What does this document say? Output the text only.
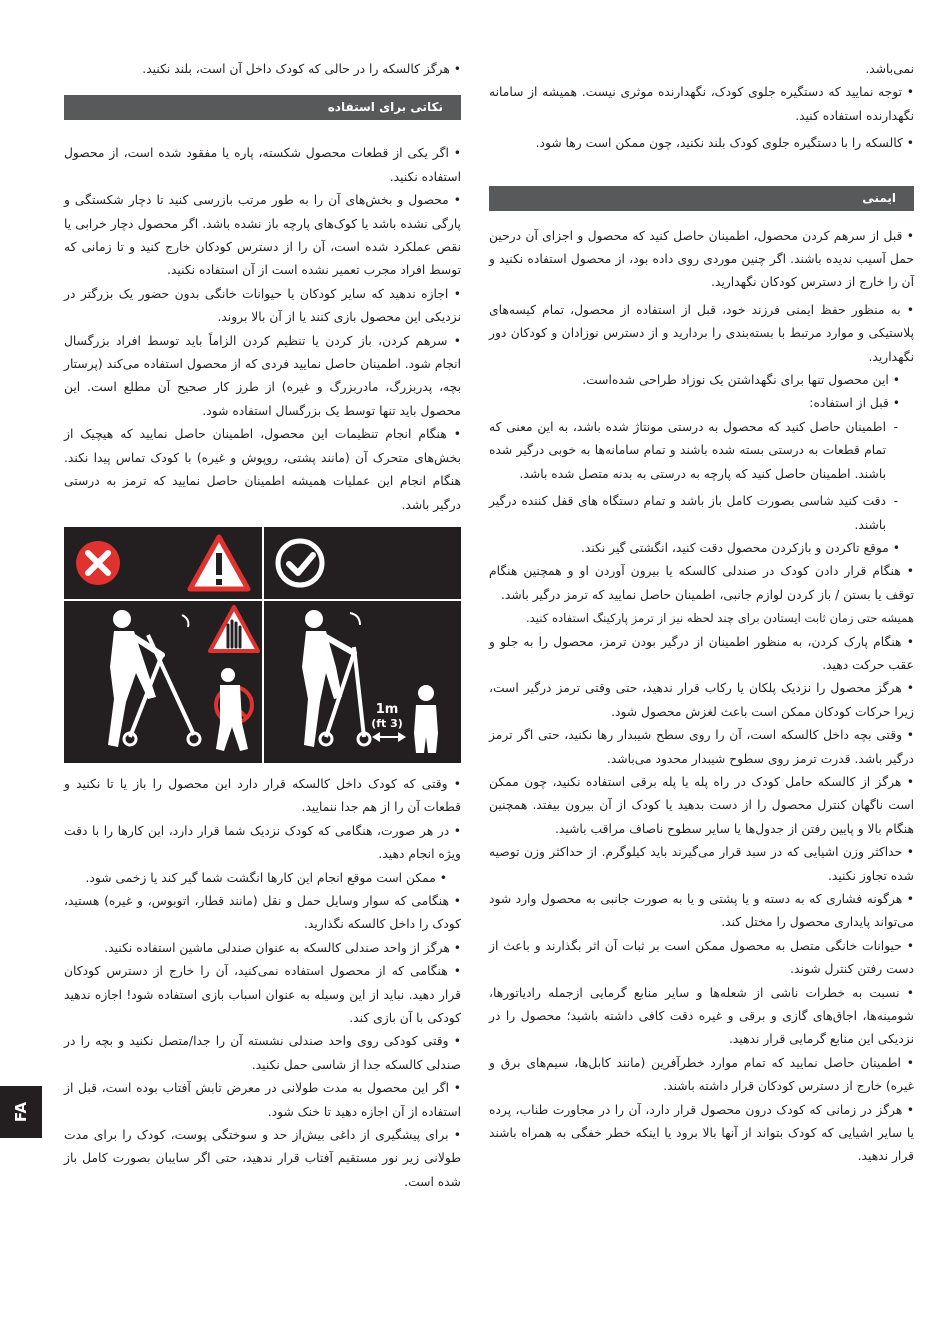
نمی‌باشد.

• توجه نمایید که دستگیره جلوی کودک، نگهدارنده موثری نیست. همیشه از سامانه نگهدارنده استفاده کنید.

• کالسکه را با دستگیره جلوی کودک بلند نکنید، چون ممکن است رها شود.

ایمنی

• قبل از سرهم کردن محصول، اطمینان حاصل کنید که محصول و اجزای آن درحین حمل آسیب ندیده باشند. اگر چنین موردی روی داده بود، از محصول استفاده نکنید و آن را خارج از دسترس کودکان نگهدارید.

• به منظور حفظ ایمنی فرزند خود، قبل از استفاده از محصول، تمام کیسه‌های پلاستیکی و موارد مرتبط با بسته‌بندی را بردارید و از دسترس نوزادان و کودکان دور نگهدارید.

• این محصول تنها برای نگهداشتن یک نوزاد طراحی شده‌است.

• قبل از استفاده:

- اطمینان حاصل کنید که محصول به درستی مونتاژ شده باشد، به این معنی که تمام قطعات به درستی بسته شده باشند و تمام سامانه‌ها به خوبی درگیر شده باشند. اطمینان حاصل کنید که پارچه به درستی به بدنه متصل شده باشد.

- دقت کنید شاسی بصورت کامل باز باشد و تمام دستگاه های قفل کننده درگیر باشند.

• موقع تاکردن و بازکردن محصول دقت کنید، انگشتی گیر نکند.

• هنگام قرار دادن کودک در صندلی کالسکه یا بیرون آوردن او و همچنین هنگام توقف یا بستن / باز کردن لوازم جانبی، اطمینان حاصل نمایید که ترمز درگیر باشد.

همیشه حتی زمان ثابت ایستادن برای چند لحظه نیز از ترمز پارکینگ استفاده کنید.

• هنگام پارک کردن، به منظور اطمینان از درگیر بودن ترمز، محصول را به جلو و عقب حرکت دهید.

• هرگز محصول را نزدیک پلکان یا رکاب قرار ندهید، حتی وقتی ترمز درگیر است، زیرا حرکات کودکان ممکن است باعث لغزش محصول شود.

• وقتی بچه داخل کالسکه است، آن را روی سطح شیبدار رها نکنید، حتی اگر ترمز درگیر باشد. قدرت ترمز روی سطوح شیبدار محدود می‌باشد.

• هرگز از کالسکه حامل کودک در راه پله یا پله برقی استفاده نکنید، چون ممکن است ناگهان کنترل محصول را از دست بدهید یا کودک از آن بیرون بیفتد. همچنین هنگام بالا و پایین رفتن از جدول‌ها یا سایر سطوح ناصاف مراقب باشید.

• حداکثر وزن اشیایی که در سبد قرار می‌گیرند باید کیلوگرم. از حداکثر وزن توصیه شده تجاوز نکنید.

• هرگونه فشاری که به دسته و یا پشتی و یا به صورت جانبی به محصول وارد شود می‌تواند پایداری محصول را مختل کند.

• حیوانات خانگی متصل به محصول ممکن است بر ثبات آن اثر بگذارند و باعث از دست رفتن کنترل شوند.

• نسبت به خطرات ناشی از شعله‌ها و سایر منابع گرمایی ازجمله رادیاتورها، شومینه‌ها، اجاق‌های گازی و برقی و غیره دقت کافی داشته باشید؛ محصول را در نزدیکی این منابع گرمایی قرار ندهید.

• اطمینان حاصل نمایید که تمام موارد خطرآفرین (مانند کابل‌ها، سیم‌های برق و غیره) خارج از دسترس کودکان قرار داشته باشند.

• هرگز در زمانی که کودک درون محصول قرار دارد، آن را در مجاورت طناب، پرده یا سایر اشیایی که کودک بتواند از آنها بالا برود یا اینکه خطر خفگی به همراه باشند قرار ندهید.

• هرگز کالسکه را در حالی که کودک داخل آن است، بلند نکنید.

نکاتی برای استفاده

• اگر یکی از قطعات محصول شکسته، پاره یا مفقود شده است، از محصول استفاده نکنید.

• محصول و بخش‌های آن را به طور مرتب بازرسی کنید تا دچار شکستگی و پارگی نشده باشد یا کوک‌های پارچه باز نشده باشد. اگر محصول دچار خرابی یا نقص عملکرد شده است، آن را از دسترس کودکان خارج کنید و تا زمانی که توسط افراد مجرب تعمیر نشده است از آن استفاده نکنید.

• اجازه ندهید که سایر کودکان یا حیوانات خانگی بدون حضور یک بزرگتر در نزدیکی این محصول بازی کنند یا از آن بالا بروند.

• سرهم کردن، باز کردن یا تنظیم کردن الزاماً باید توسط افراد بزرگسال انجام شود. اطمینان حاصل نمایید فردی که از محصول استفاده می‌کند (پرستار بچه، پدربزرگ، مادربزرگ و غیره) از طرز کار صحیح آن مطلع است. این محصول باید تنها توسط یک بزرگسال استفاده شود.

• هنگام انجام تنظیمات این محصول، اطمینان حاصل نمایید که هیچیک از بخش‌های متحرک آن (مانند پشتی، روپوش و غیره) با کودک تماس پیدا نکند. هنگام انجام این عملیات همیشه اطمینان حاصل نمایید که ترمز به درستی درگیر باشد.

1m
(3 ft)

• وقتی که کودک داخل کالسکه قرار دارد این محصول را باز یا تا نکنید و قطعات آن را از هم جدا ننمایید.

• در هر صورت، هنگامی که کودک نزدیک شما قرار دارد، این کارها را با دقت ویژه انجام دهید.

• ممکن است موقع انجام این کارها انگشت شما گیر کند یا زخمی شود.

• هنگامی که سوار وسایل حمل و نقل (مانند قطار، اتوبوس، و غیره) هستید، کودک را داخل کالسکه نگذارید.

• هرگز از واحد صندلی کالسکه به عنوان صندلی ماشین استفاده نکنید.

• هنگامی که از محصول استفاده نمی‌کنید، آن را خارج از دسترس کودکان قرار دهید. نباید از این وسیله به عنوان اسباب بازی استفاده شود! اجازه ندهید کودکی با آن بازی کند.

• وقتی کودکی روی واحد صندلی نشسته آن را جدا/متصل نکنید و بچه را در صندلی کالسکه جدا از شاسی حمل نکنید.

• اگر این محصول به مدت طولانی در معرض تابش آفتاب بوده است، قبل از استفاده از آن اجازه دهید تا خنک شود.

• برای پیشگیری از داغی بیش‌از حد و سوختگی پوست، کودک را برای مدت طولانی زیر نور مستقیم آفتاب قرار ندهید، حتی اگر سایبان بصورت کامل باز شده است.

FA
